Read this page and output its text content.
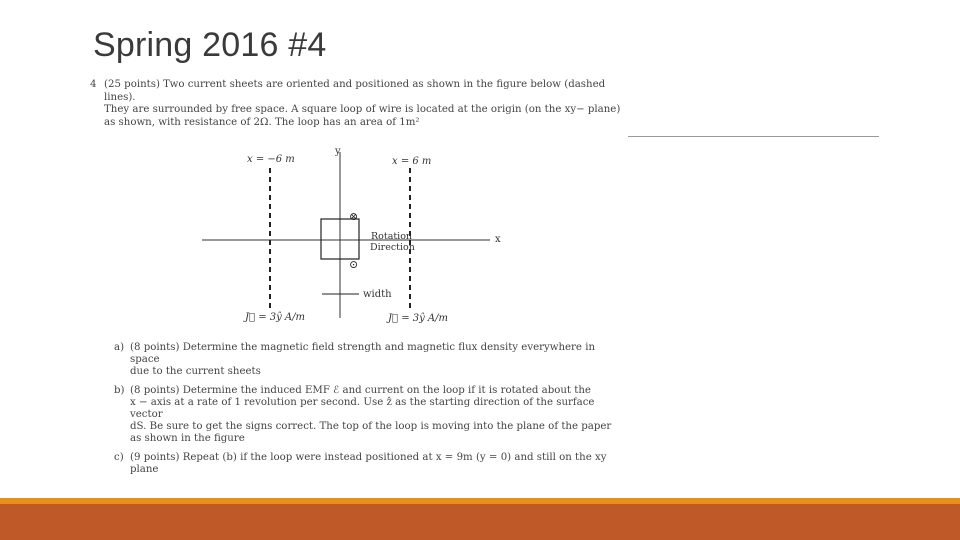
Spring 2016 #4
4 (25 points) Two current sheets are oriented and positioned as shown in the figure below (dashed lines).
They are surrounded by free space. A square loop of wire is located at the origin (on the xy− plane)
as shown, with resistance of 2Ω. The loop has an area of 1m²
y
x
x = −6 m	x = 6 m
⊗
⊙
Rotation
Direction
width
J⃗ = 3ŷ A/m	J⃗ = 3ŷ A/m
a) (8 points) Determine the magnetic field strength and magnetic flux density everywhere in space
due to the current sheets
b) (8 points) Determine the induced EMF ℰ and current on the loop if it is rotated about the
x − axis at a rate of 1 revolution per second. Use ẑ as the starting direction of the surface vector
dS. Be sure to get the signs correct. The top of the loop is moving into the plane of the paper
as shown in the figure
c) (9 points) Repeat (b) if the loop were instead positioned at x = 9m (y = 0) and still on the xy
plane
